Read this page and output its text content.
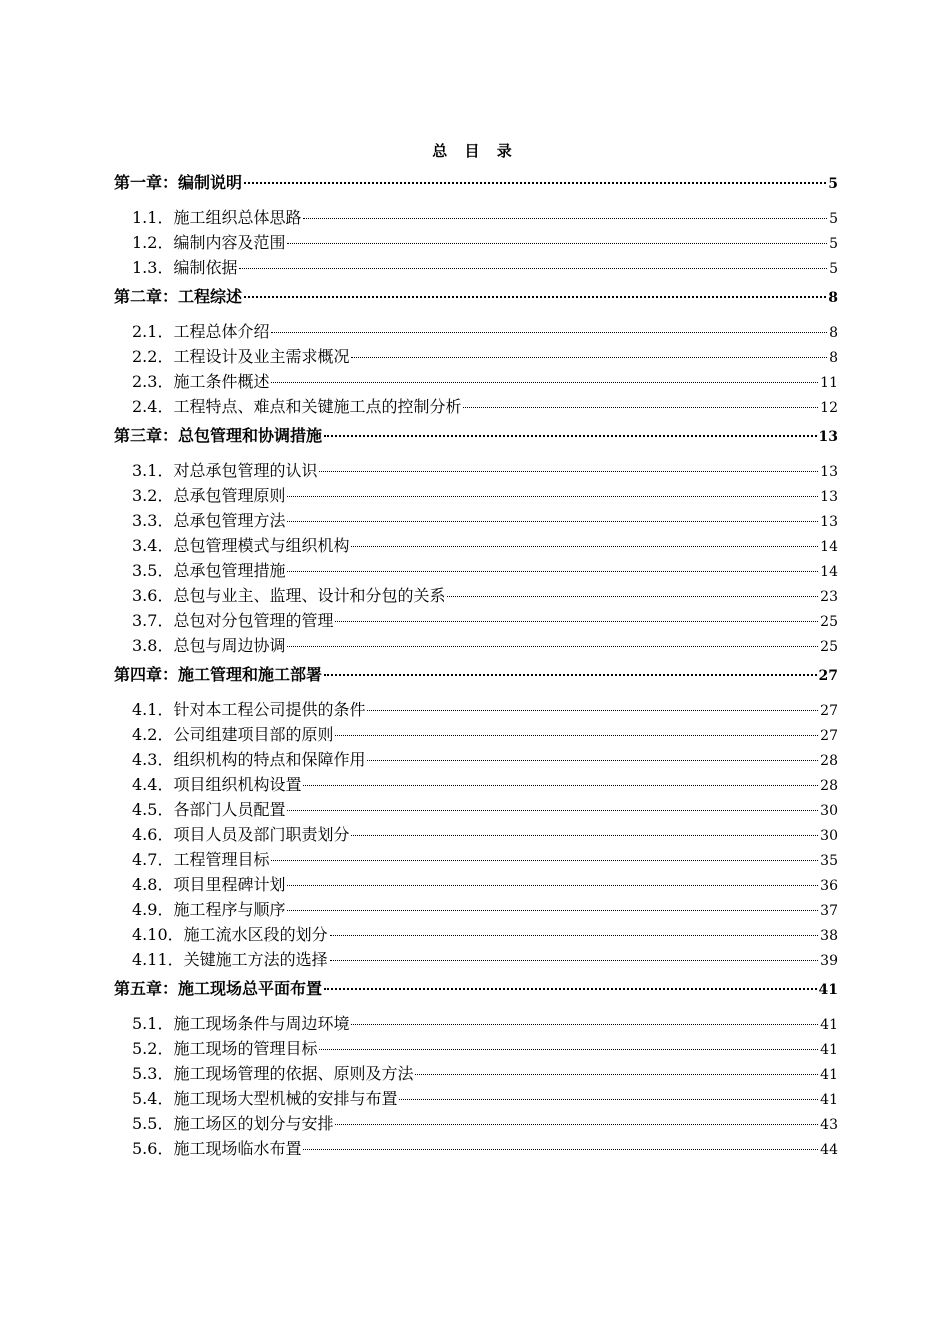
总 目 录
第一章： 编制说明	5
1.1． 施工组织总体思路	5
1.2． 编制内容及范围	5
1.3． 编制依据	5
第二章： 工程综述	8
2.1． 工程总体介绍	8
2.2． 工程设计及业主需求概况	8
2.3． 施工条件概述	11
2.4． 工程特点、难点和关键施工点的控制分析	12
第三章： 总包管理和协调措施	13
3.1． 对总承包管理的认识	13
3.2． 总承包管理原则	13
3.3． 总承包管理方法	13
3.4． 总包管理模式与组织机构	14
3.5． 总承包管理措施	14
3.6． 总包与业主、监理、设计和分包的关系	23
3.7． 总包对分包管理的管理	25
3.8． 总包与周边协调	25
第四章： 施工管理和施工部署	27
4.1． 针对本工程公司提供的条件	27
4.2． 公司组建项目部的原则	27
4.3． 组织机构的特点和保障作用	28
4.4． 项目组织机构设置	28
4.5． 各部门人员配置	30
4.6． 项目人员及部门职责划分	30
4.7． 工程管理目标	35
4.8． 项目里程碑计划	36
4.9． 施工程序与顺序	37
4.10． 施工流水区段的划分	38
4.11． 关键施工方法的选择	39
第五章： 施工现场总平面布置	41
5.1． 施工现场条件与周边环境	41
5.2． 施工现场的管理目标	41
5.3． 施工现场管理的依据、原则及方法	41
5.4． 施工现场大型机械的安排与布置	41
5.5． 施工场区的划分与安排	43
5.6． 施工现场临水布置	44
